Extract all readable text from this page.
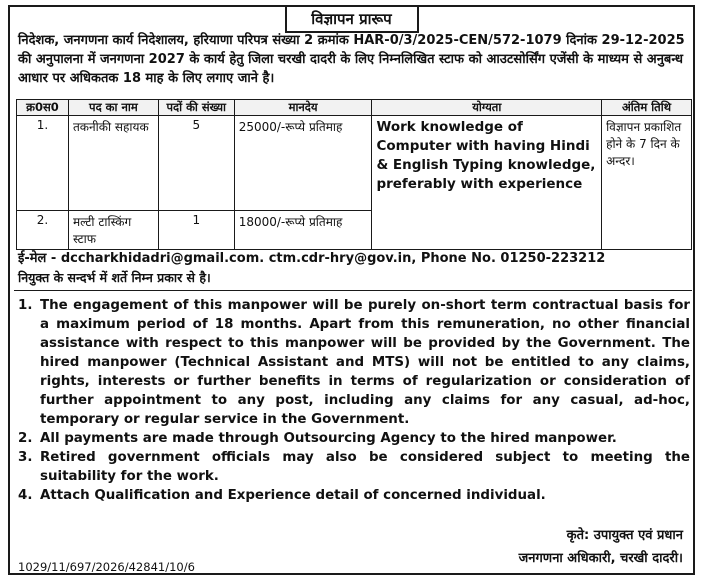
विज्ञापन प्रारूप
निदेशक, जनगणना कार्य निदेशालय, हरियाणा परिपत्र संख्या 2 क्रमांक HAR-0/3/2025-CEN/572-1079 दिनांक 29-12-2025 की अनुपालना में जनगणना 2027 के कार्य हेतु जिला चरखी दादरी के लिए निम्नलिखित स्टाफ को आउटसोर्सिंग एजेंसी के माध्यम से अनुबन्ध आधार पर अधिकतक 18 माह के लिए लगाए जाने है।
क्र0स0	पद का नाम	पदों की संख्या	मानदेय	योग्यता	अंतिम तिथि
1.	तकनीकी सहायक	5	25000/-रूप्ये प्रतिमाह	Work knowledge of Computer with having Hindi & English Typing knowledge, preferably with experience	विज्ञापन प्रकाशित होने के 7 दिन के अन्दर।
2.	मल्टी टास्किंग स्टाफ	1	18000/-रूप्ये प्रतिमाह		
ई-मेल - dccharkhidadri@gmail.com. ctm.cdr-hry@gov.in, Phone No. 01250-223212
नियुक्त के सन्दर्भ में शर्ते निम्न प्रकार से है।
1. The engagement of this manpower will be purely on-short term contractual basis for a maximum period of 18 months. Apart from this remuneration, no other financial assistance with respect to this manpower will be provided by the Government. The hired manpower (Technical Assistant and MTS) will not be entitled to any claims, rights, interests or further benefits in terms of regularization or consideration of further appointment to any post, including any claims for any casual, ad-hoc, temporary or regular service in the Government.
2. All payments are made through Outsourcing Agency to the hired manpower.
3. Retired government officials may also be considered subject to meeting the suitability for the work.
4. Attach Qualification and Experience detail of concerned individual.
कृते: उपायुक्त एवं प्रधान
जनगणना अधिकारी, चरखी दादरी।
1029/11/697/2026/42841/10/6
